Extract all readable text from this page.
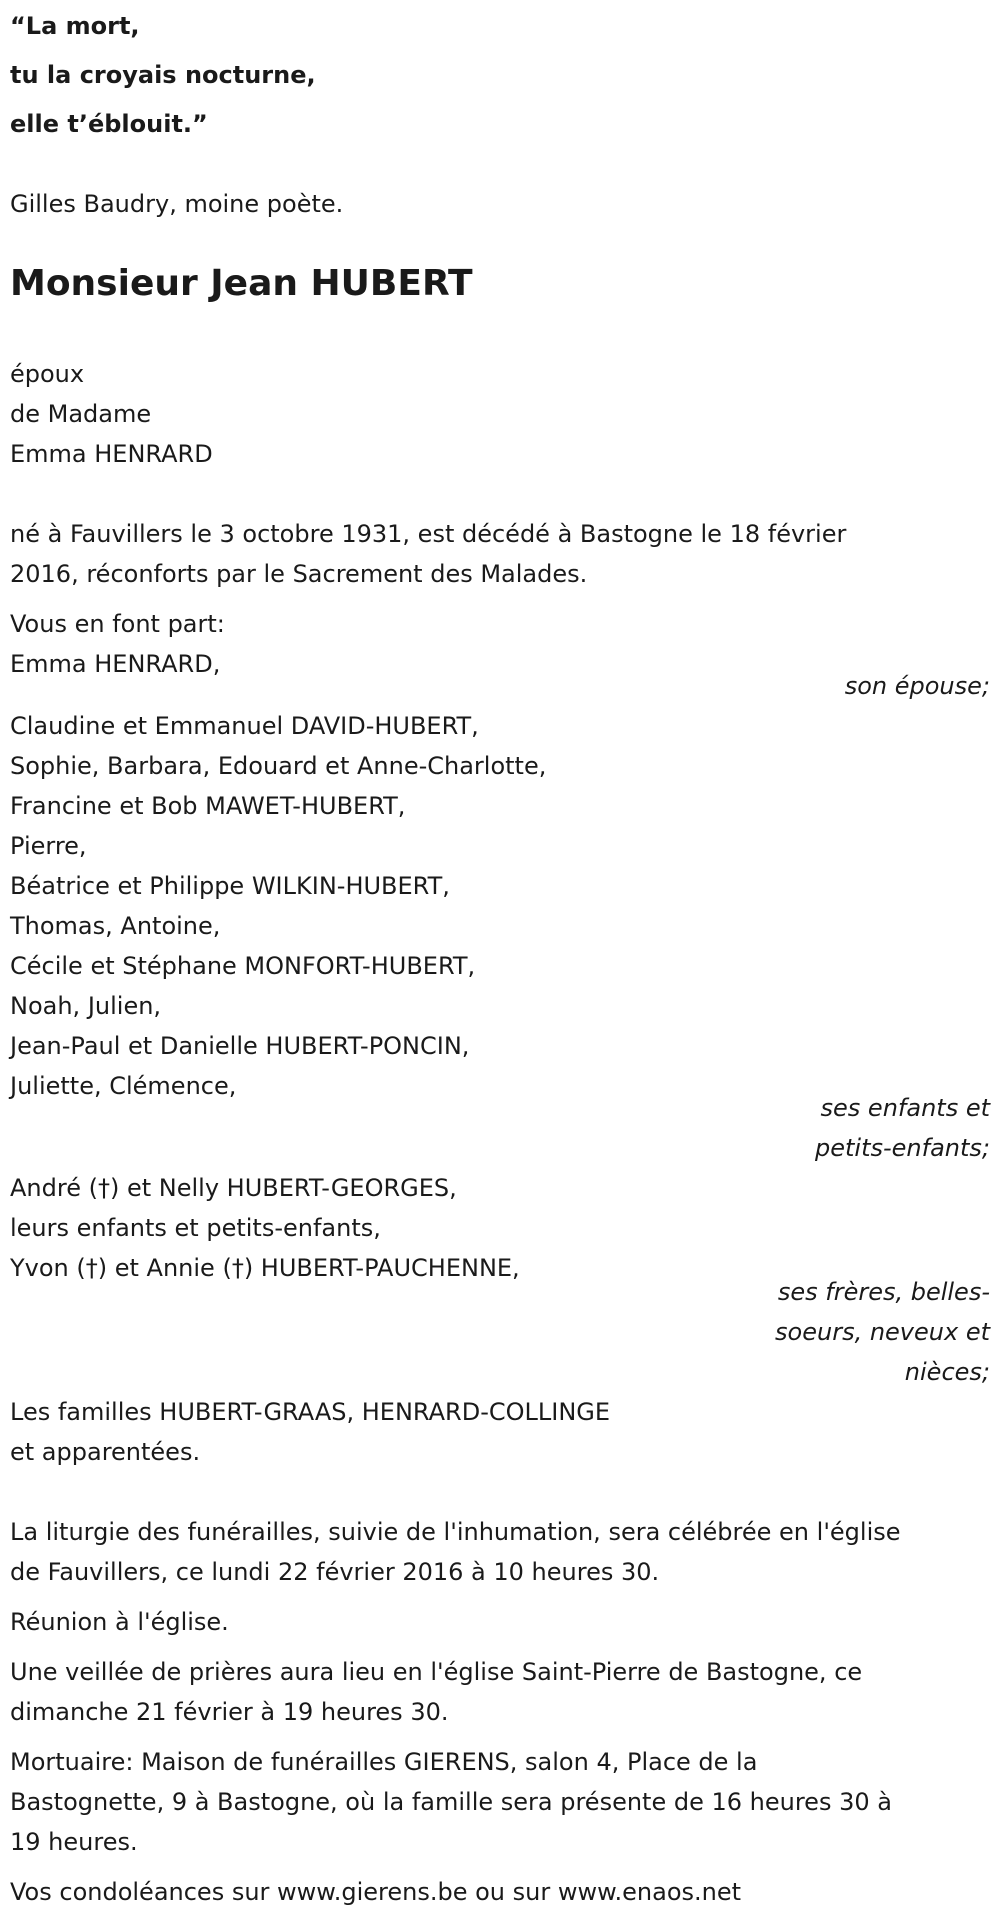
“La mort,
tu la croyais nocturne,
elle t’éblouit.”
Gilles Baudry, moine poète.
Monsieur Jean HUBERT
époux
de Madame
Emma HENRARD
né à Fauvillers le 3 octobre 1931, est décédé à Bastogne le 18 février
2016, réconforts par le Sacrement des Malades.
Vous en font part:
Emma HENRARD,
son épouse;
Claudine et Emmanuel DAVID-HUBERT,
Sophie, Barbara, Edouard et Anne-Charlotte,
Francine et Bob MAWET-HUBERT,
Pierre,
Béatrice et Philippe WILKIN-HUBERT,
Thomas, Antoine,
Cécile et Stéphane MONFORT-HUBERT,
Noah, Julien,
Jean-Paul et Danielle HUBERT-PONCIN,
Juliette, Clémence,
ses enfants et
petits-enfants;
André (†) et Nelly HUBERT-GEORGES,
leurs enfants et petits-enfants,
Yvon (†) et Annie (†) HUBERT-PAUCHENNE,
ses frères, belles-
soeurs, neveux et
nièces;
Les familles HUBERT-GRAAS, HENRARD-COLLINGE
et apparentées.
La liturgie des funérailles, suivie de l'inhumation, sera célébrée en l'église
de Fauvillers, ce lundi 22 février 2016 à 10 heures 30.
Réunion à l'église.
Une veillée de prières aura lieu en l'église Saint-Pierre de Bastogne, ce
dimanche 21 février à 19 heures 30.
Mortuaire: Maison de funérailles GIERENS, salon 4, Place de la
Bastognette, 9 à Bastogne, où la famille sera présente de 16 heures 30 à
19 heures.
Vos condoléances sur www.gierens.be ou sur www.enaos.net
